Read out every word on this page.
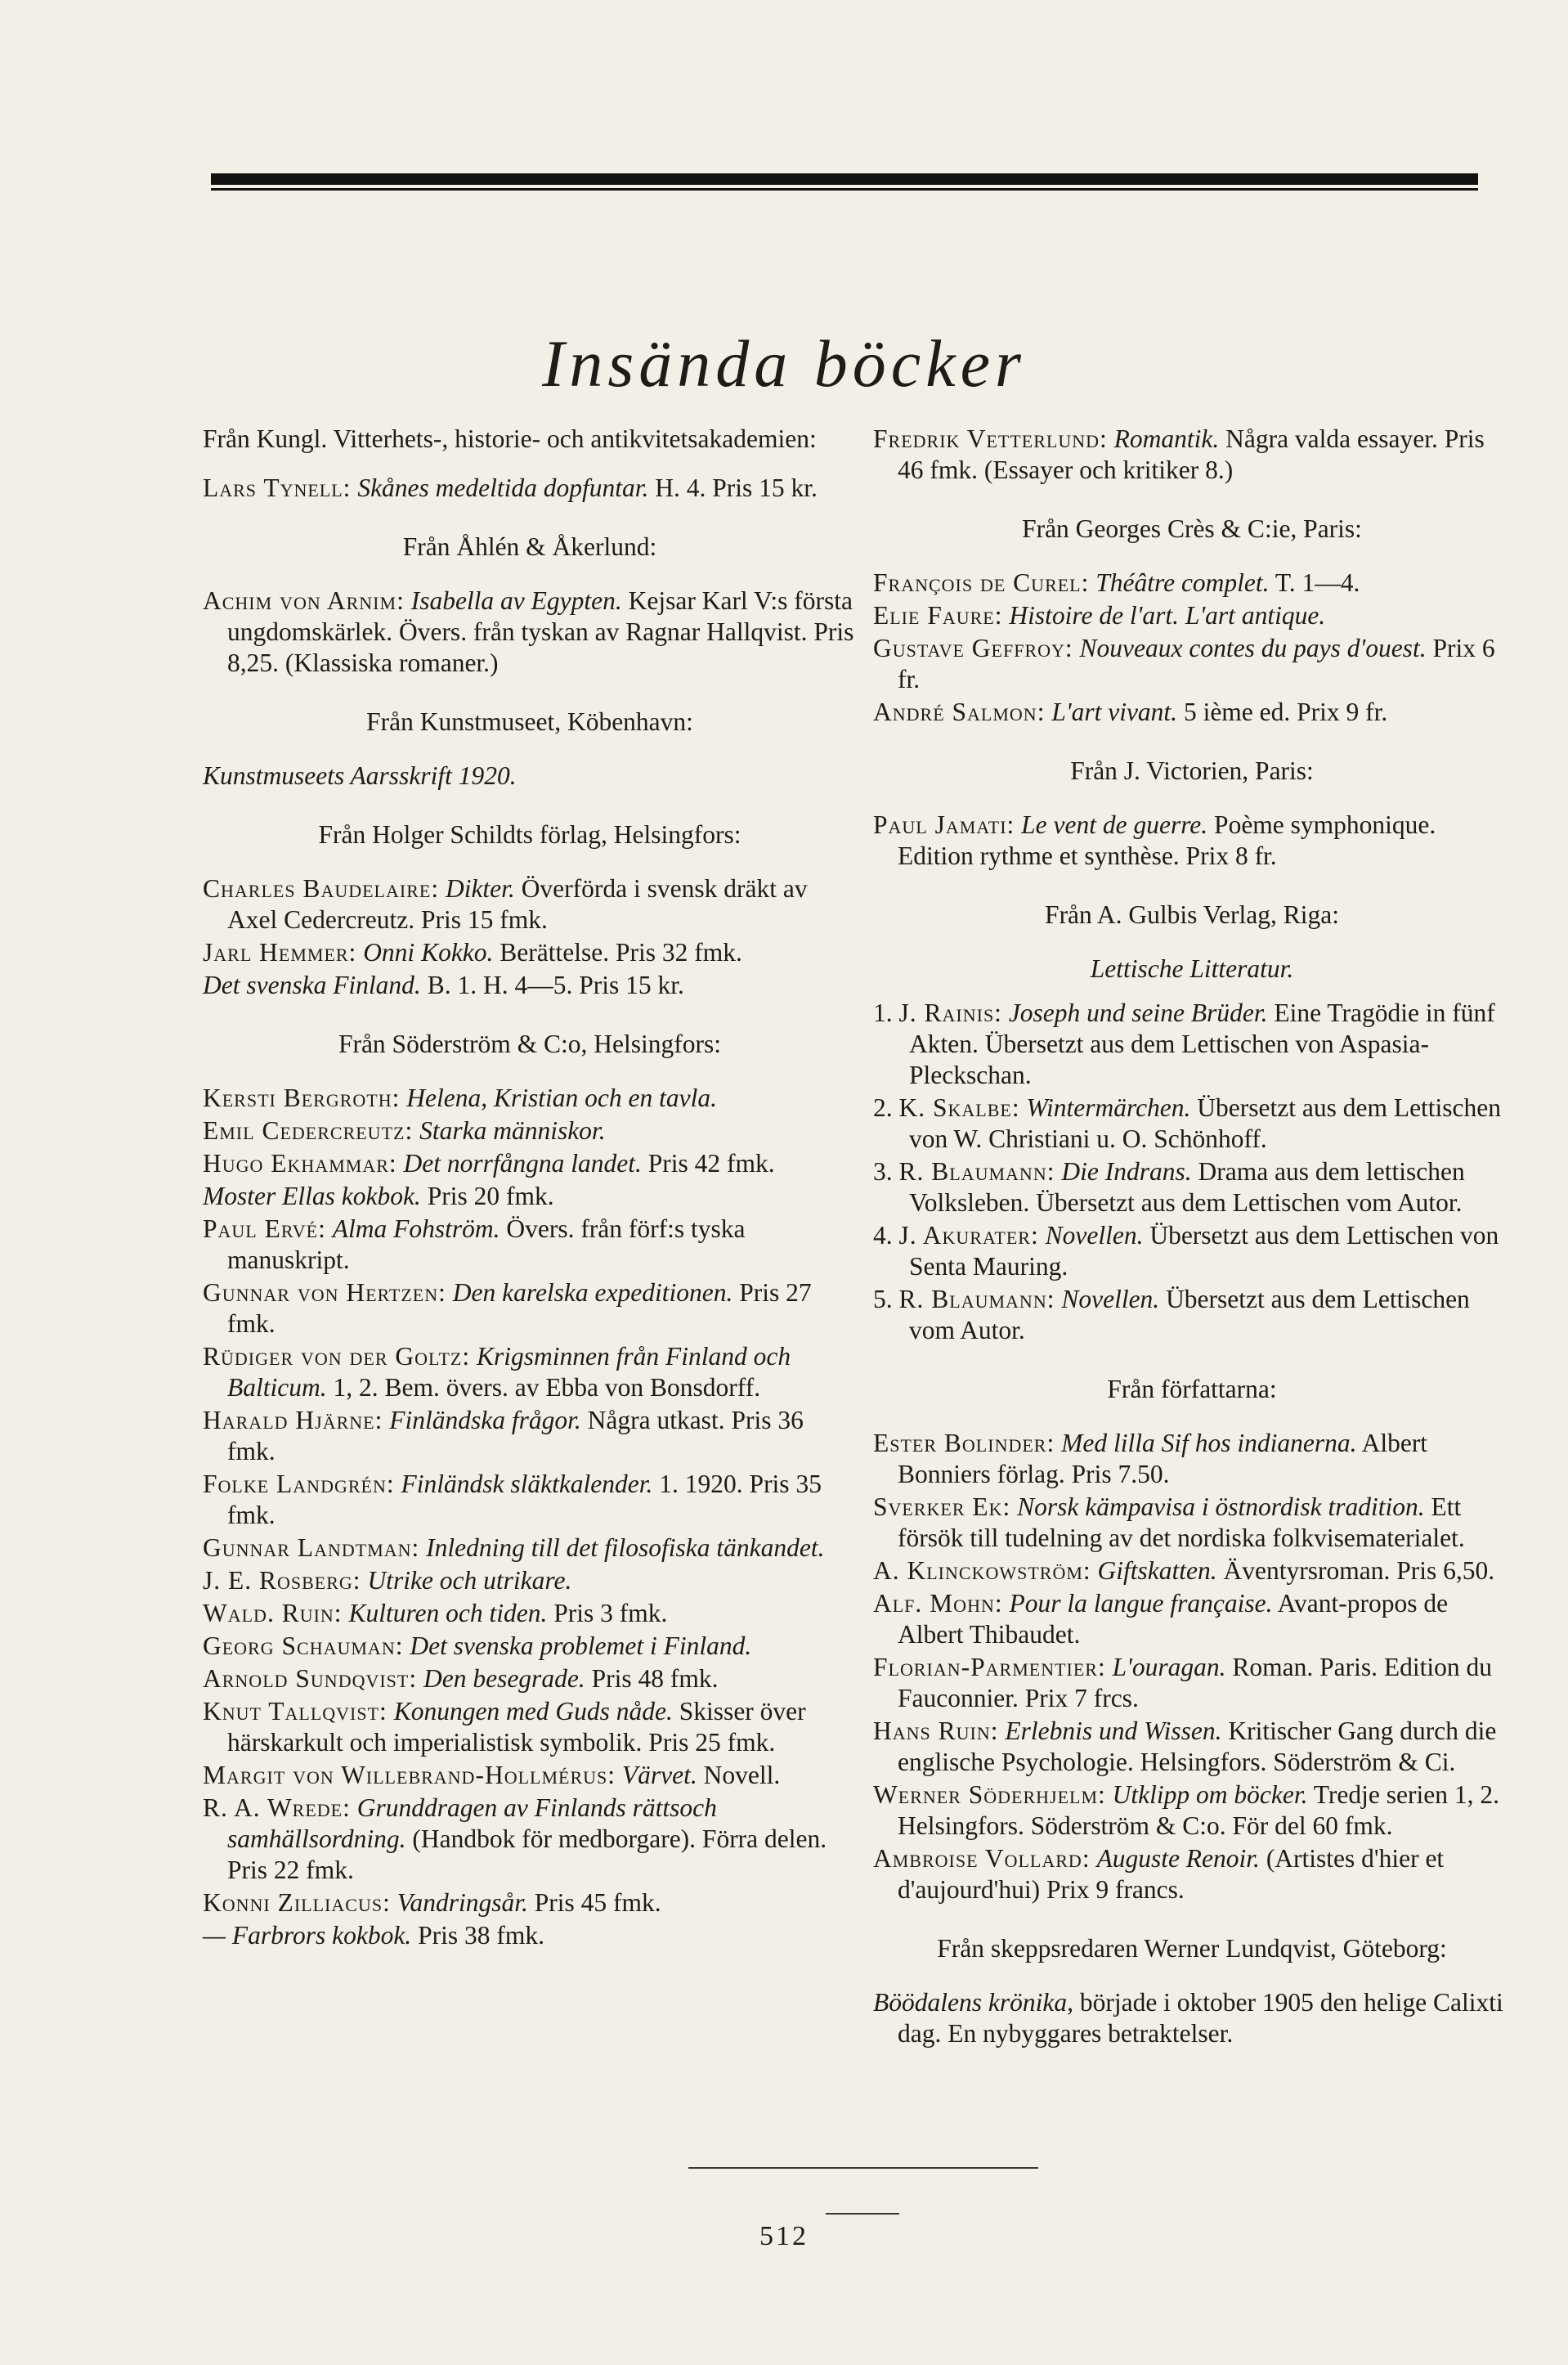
Insända böcker

Från Kungl. Vitterhets-, historie- och antikvitetsakademien:

Lars Tynell: Skånes medeltida dopfuntar. H. 4. Pris 15 kr.

Från Åhlén & Åkerlund:

Achim von Arnim: Isabella av Egypten. Kejsar Karl V:s första ungdomskärlek. Övers. från tyskan av Ragnar Hallqvist. Pris 8,25. (Klassiska romaner.)

Från Kunstmuseet, Köbenhavn:

Kunstmuseets Aarsskrift 1920.

Från Holger Schildts förlag, Helsingfors:

Charles Baudelaire: Dikter. Överförda i svensk dräkt av Axel Cedercreutz. Pris 15 fmk.

Jarl Hemmer: Onni Kokko. Berättelse. Pris 32 fmk.

Det svenska Finland. B. 1. H. 4—5. Pris 15 kr.

Från Söderström & C:o, Helsingfors:

Kersti Bergroth: Helena, Kristian och en tavla.

Emil Cedercreutz: Starka människor.

Hugo Ekhammar: Det norrfångna landet. Pris 42 fmk.

Moster Ellas kokbok. Pris 20 fmk.

Paul Ervé: Alma Fohström. Övers. från förf:s tyska manuskript.

Gunnar von Hertzen: Den karelska expeditionen. Pris 27 fmk.

Rüdiger von der Goltz: Krigsminnen från Finland och Balticum. 1, 2. Bem. övers. av Ebba von Bonsdorff.

Harald Hjärne: Finländska frågor. Några utkast. Pris 36 fmk.

Folke Landgrén: Finländsk släktkalender. 1. 1920. Pris 35 fmk.

Gunnar Landtman: Inledning till det filosofiska tänkandet.

J. E. Rosberg: Utrike och utrikare.

Wald. Ruin: Kulturen och tiden. Pris 3 fmk.

Georg Schauman: Det svenska problemet i Finland.

Arnold Sundqvist: Den besegrade. Pris 48 fmk.

Knut Tallqvist: Konungen med Guds nåde. Skisser över härskarkult och imperialistisk symbolik. Pris 25 fmk.

Margit von Willebrand-Hollmérus: Värvet. Novell.

R. A. Wrede: Grunddragen av Finlands rättsoch samhällsordning. (Handbok för medborgare). Förra delen. Pris 22 fmk.

Konni Zilliacus: Vandringsår. Pris 45 fmk.

— Farbrors kokbok. Pris 38 fmk.

Fredrik Vetterlund: Romantik. Några valda essayer. Pris 46 fmk. (Essayer och kritiker 8.)

Från Georges Crès & C:ie, Paris:

François de Curel: Théâtre complet. T. 1—4.

Elie Faure: Histoire de l'art. L'art antique.

Gustave Geffroy: Nouveaux contes du pays d'ouest. Prix 6 fr.

André Salmon: L'art vivant. 5 ième ed. Prix 9 fr.

Från J. Victorien, Paris:

Paul Jamati: Le vent de guerre. Poème symphonique. Edition rythme et synthèse. Prix 8 fr.

Från A. Gulbis Verlag, Riga:

Lettische Litteratur.

1. J. Rainis: Joseph und seine Brüder. Eine Tragödie in fünf Akten. Übersetzt aus dem Lettischen von Aspasia-Pleckschan.

2. K. Skalbe: Wintermärchen. Übersetzt aus dem Lettischen von W. Christiani u. O. Schönhoff.

3. R. Blaumann: Die Indrans. Drama aus dem lettischen Volksleben. Übersetzt aus dem Lettischen vom Autor.

4. J. Akurater: Novellen. Übersetzt aus dem Lettischen von Senta Mauring.

5. R. Blaumann: Novellen. Übersetzt aus dem Lettischen vom Autor.

Från författarna:

Ester Bolinder: Med lilla Sif hos indianerna. Albert Bonniers förlag. Pris 7.50.

Sverker Ek: Norsk kämpavisa i östnordisk tradition. Ett försök till tudelning av det nordiska folkvisematerialet.

A. Klinckowström: Giftskatten. Äventyrsroman. Pris 6,50.

Alf. Mohn: Pour la langue française. Avant-propos de Albert Thibaudet.

Florian-Parmentier: L'ouragan. Roman. Paris. Edition du Fauconnier. Prix 7 frcs.

Hans Ruin: Erlebnis und Wissen. Kritischer Gang durch die englische Psychologie. Helsingfors. Söderström & Ci.

Werner Söderhjelm: Utklipp om böcker. Tredje serien 1, 2. Helsingfors. Söderström & C:o. För del 60 fmk.

Ambroise Vollard: Auguste Renoir. (Artistes d'hier et d'aujourd'hui) Prix 9 francs.

Från skeppsredaren Werner Lundqvist, Göteborg:

Böödalens krönika, började i oktober 1905 den helige Calixti dag. En nybyggares betraktelser.

512
